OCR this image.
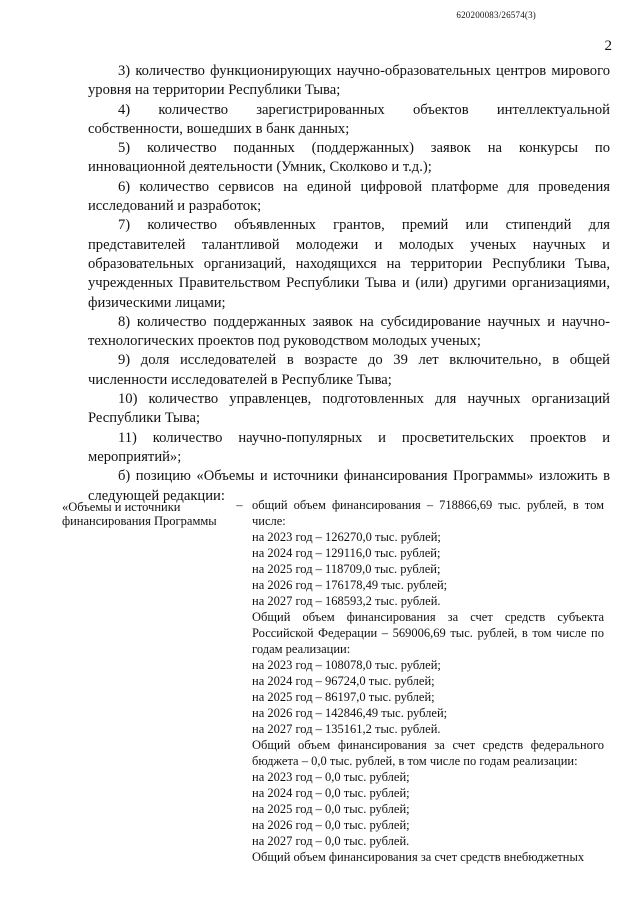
620200083/26574(3)
2

3) количество функционирующих научно-образовательных центров мирового уровня на территории Республики Тыва;

4) количество зарегистрированных объектов интеллектуальной собственности, вошедших в банк данных;

5) количество поданных (поддержанных) заявок на конкурсы по инновационной деятельности (Умник, Сколково и т.д.);

6) количество сервисов на единой цифровой платформе для проведения исследований и разработок;

7) количество объявленных грантов, премий или стипендий для представителей талантливой молодежи и молодых ученых научных и образовательных организаций, находящихся на территории Республики Тыва, учрежденных Правительством Республики Тыва и (или) другими организациями, физическими лицами;

8) количество поддержанных заявок на субсидирование научных и научно-технологических проектов под руководством молодых ученых;

9) доля исследователей в возрасте до 39 лет включительно, в общей численности исследователей в Республике Тыва;

10) количество управленцев, подготовленных для научных организаций Республики Тыва;

11) количество научно-популярных и просветительских проектов и мероприятий»;

б) позицию «Объемы и источники финансирования Программы» изложить в следующей редакции:

«Объемы и источники финансирования Программы
– общий объем финансирования – 718866,69 тыс. рублей, в том числе:
на 2023 год – 126270,0 тыс. рублей;
на 2024 год – 129116,0 тыс. рублей;
на 2025 год – 118709,0 тыс. рублей;
на 2026 год – 176178,49 тыс. рублей;
на 2027 год – 168593,2 тыс. рублей.
Общий объем финансирования за счет средств субъекта Российской Федерации – 569006,69 тыс. рублей, в том числе по годам реализации:
на 2023 год – 108078,0 тыс. рублей;
на 2024 год – 96724,0 тыс. рублей;
на 2025 год – 86197,0 тыс. рублей;
на 2026 год – 142846,49 тыс. рублей;
на 2027 год – 135161,2 тыс. рублей.
Общий объем финансирования за счет средств федерального бюджета – 0,0 тыс. рублей, в том числе по годам реализации:
на 2023 год – 0,0 тыс. рублей;
на 2024 год – 0,0 тыс. рублей;
на 2025 год – 0,0 тыс. рублей;
на 2026 год – 0,0 тыс. рублей;
на 2027 год – 0,0 тыс. рублей.
Общий объем финансирования за счет средств внебюджетных
